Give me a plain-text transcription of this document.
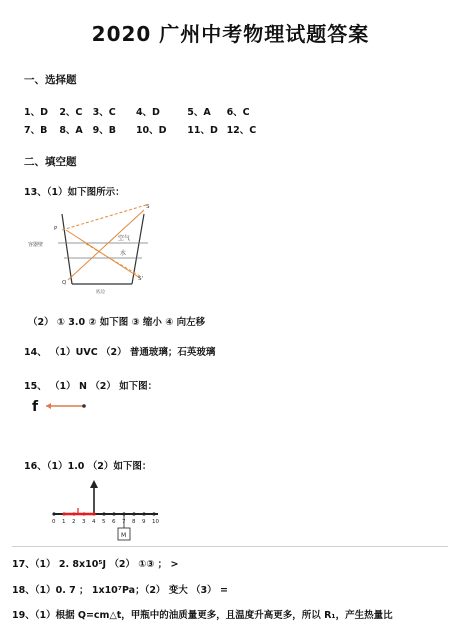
2020 广州中考物理试题答案
一、选择题
1、D 2、C 3、C 4、D	5、A 6、C
7、B 8、A 9、B 10、D 11、D 12、C
二、填空题
13、（1）如下图所示：
容器壁
空气
水
底边
P
Q
S
S'
（2） ① 3.0 ② 如下图 ③ 缩小 ④ 向左移
14、 （1）UVC （2） 普通玻璃；石英玻璃
15、 （1） N （2） 如下图：
f
16、（1）1.0 （2）如下图：
M
0 1 2 3 4 5 6 7 8 9 10
17、（1） 2. 8x10⁵J （2） ①③ ； >
18、（1）0. 7 ； 1x10⁷Pa；（2） 变大 （3） =
19、（1）根据 Q=cm△t，甲瓶中的油质量更多，且温度升高更多，所以 R₁，产生热量比
